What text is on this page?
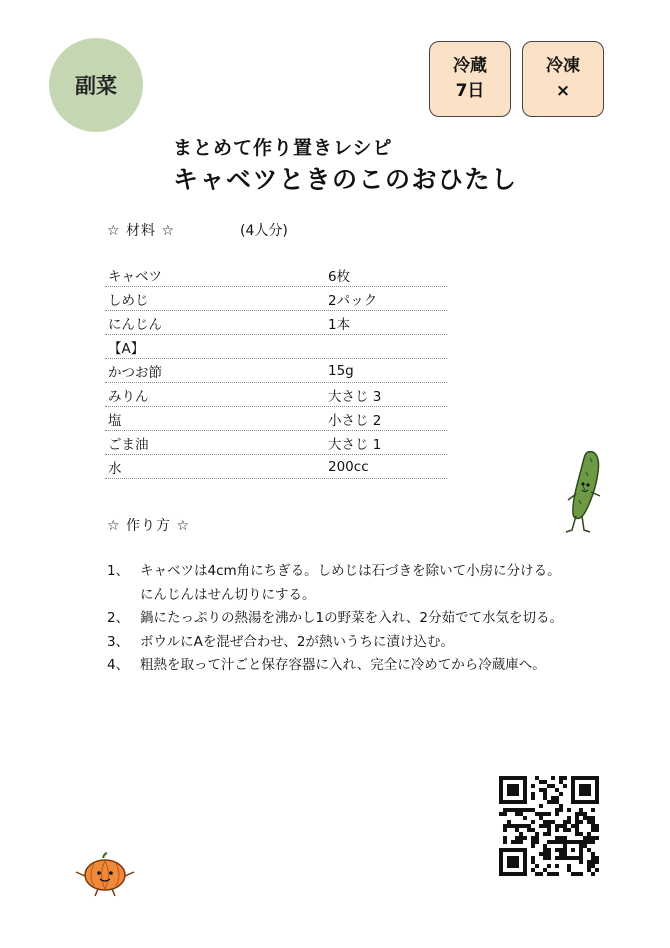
副菜
冷蔵
7日
冷凍
×
まとめて作り置きレシピ
キャベツときのこのおひたし
☆ 材料 ☆	(4人分)
キャベツ	6枚
しめじ	2パック
にんじん	1本
【A】
かつお節	15g
みりん	大さじ 3
塩	小さじ 2
ごま油	大さじ 1
水	200cc
☆ 作り方 ☆
1、 キャベツは4cm角にちぎる。しめじは石づきを除いて小房に分ける。
にんじんはせん切りにする。
2、 鍋にたっぷりの熱湯を沸かし1の野菜を入れ、2分茹でて水気を切る。
3、 ボウルにAを混ぜ合わせ、2が熱いうちに漬け込む。
4、 粗熱を取って汁ごと保存容器に入れ、完全に冷めてから冷蔵庫へ。
